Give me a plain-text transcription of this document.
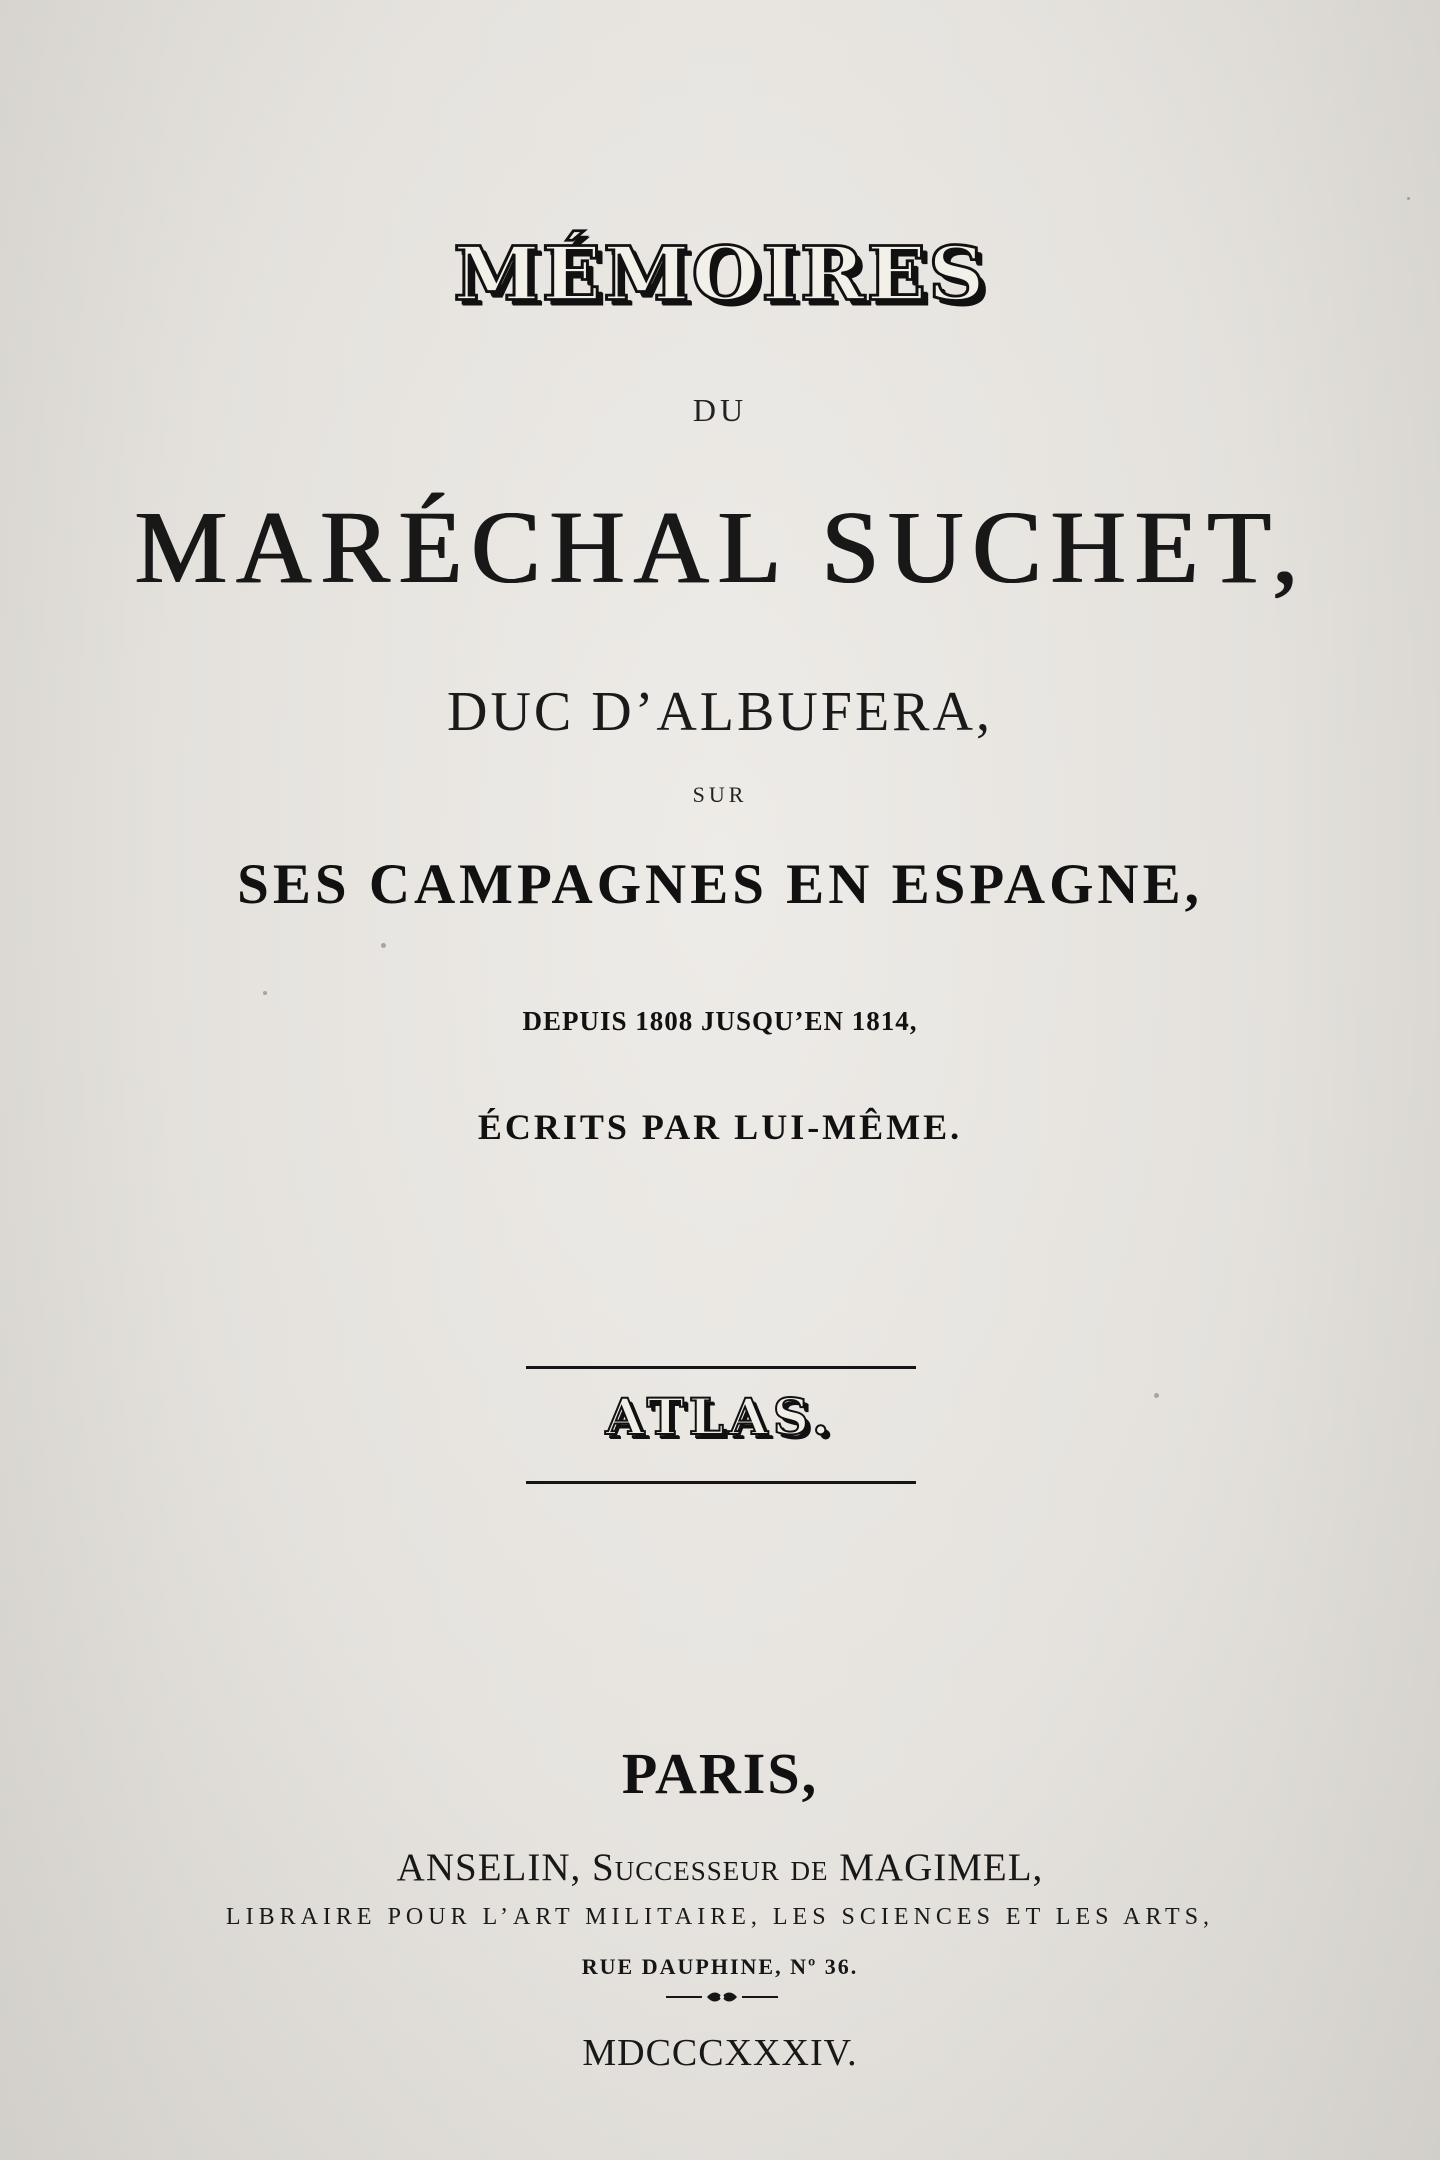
MÉMOIRES
DU
MARÉCHAL SUCHET,
DUC D’ALBUFERA,
SUR
SES CAMPAGNES EN ESPAGNE,
DEPUIS 1808 JUSQU’EN 1814,
ÉCRITS PAR LUI-MÊME.
ATLAS.
PARIS,
ANSELIN, Successeur de MAGIMEL,
LIBRAIRE POUR L’ART MILITAIRE, LES SCIENCES ET LES ARTS,
RUE DAUPHINE, Nº 36.
MDCCCXXXIV.
